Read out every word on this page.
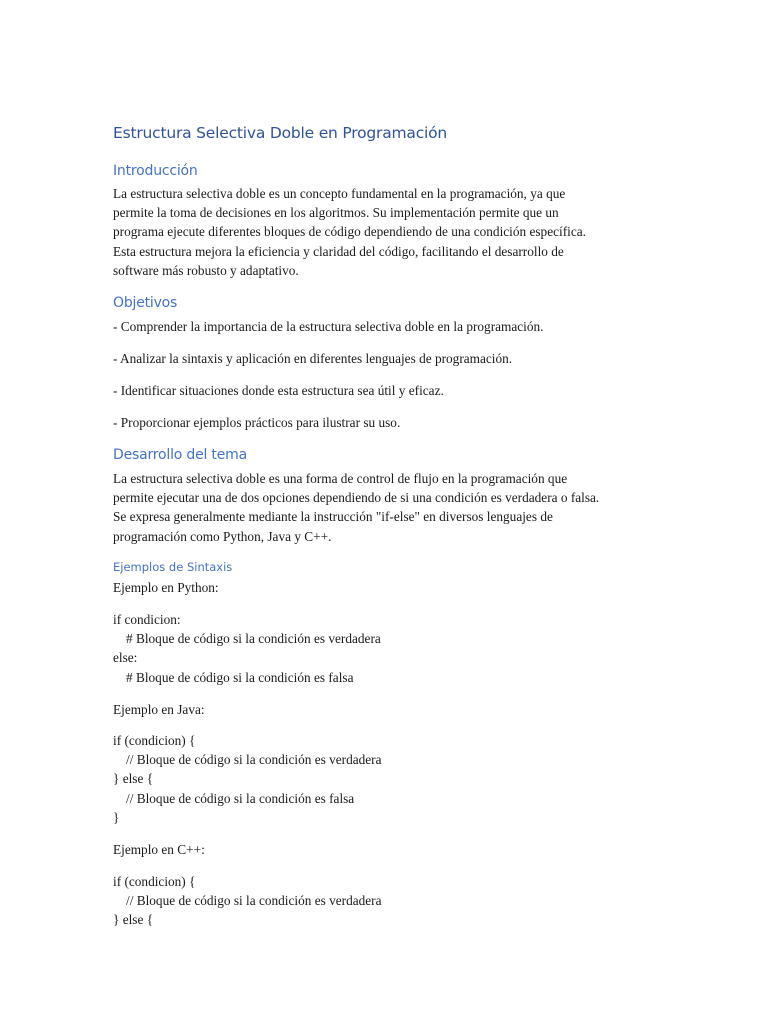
Estructura Selectiva Doble en Programación
Introducción
La estructura selectiva doble es un concepto fundamental en la programación, ya que
permite la toma de decisiones en los algoritmos. Su implementación permite que un
programa ejecute diferentes bloques de código dependiendo de una condición específica.
Esta estructura mejora la eficiencia y claridad del código, facilitando el desarrollo de
software más robusto y adaptativo.
Objetivos
- Comprender la importancia de la estructura selectiva doble en la programación.
- Analizar la sintaxis y aplicación en diferentes lenguajes de programación.
- Identificar situaciones donde esta estructura sea útil y eficaz.
- Proporcionar ejemplos prácticos para ilustrar su uso.
Desarrollo del tema
La estructura selectiva doble es una forma de control de flujo en la programación que
permite ejecutar una de dos opciones dependiendo de si una condición es verdadera o falsa.
Se expresa generalmente mediante la instrucción "if-else" en diversos lenguajes de
programación como Python, Java y C++.
Ejemplos de Sintaxis
Ejemplo en Python:
if condicion:
# Bloque de código si la condición es verdadera
else:
# Bloque de código si la condición es falsa
Ejemplo en Java:
if (condicion) {
// Bloque de código si la condición es verdadera
} else {
// Bloque de código si la condición es falsa
}
Ejemplo en C++:
if (condicion) {
// Bloque de código si la condición es verdadera
} else {
